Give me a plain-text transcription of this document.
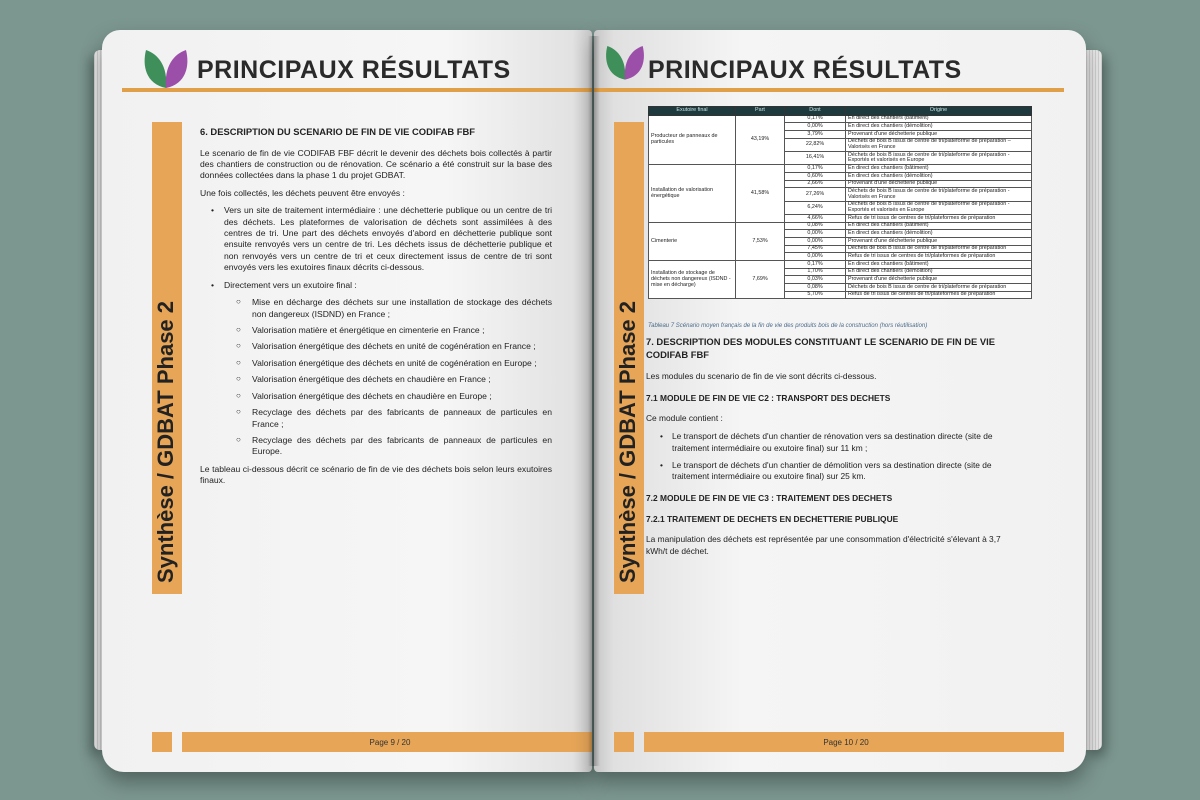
PRINCIPAUX RÉSULTATS
Synthèse / GDBAT Phase 2
6. DESCRIPTION DU SCENARIO DE FIN DE VIE CODIFAB FBF

Le scenario de fin de vie CODIFAB FBF décrit le devenir des déchets bois collectés à partir des chantiers de construction ou de rénovation. Ce scénario a été construit sur la base des données collectées dans la phase 1 du projet GDBAT.

Une fois collectés, les déchets peuvent être envoyés :

• Vers un site de traitement intermédiaire : une déchetterie publique ou un centre de tri des déchets. Les plateformes de valorisation de déchets sont assimilées à des centres de tri. Une part des déchets envoyés d'abord en déchetterie publique sont ensuite renvoyés vers un centre de tri. Les déchets issus de déchetterie publique et non renvoyés vers un centre de tri et ceux directement issus de centre de tri sont envoyés vers les exutoires finaux décrits ci-dessous.
• Directement vers un exutoire final :
○ Mise en décharge des déchets sur une installation de stockage des déchets non dangereux (ISDND) en France ;
○ Valorisation matière et énergétique en cimenterie en France ;
○ Valorisation énergétique des déchets en unité de cogénération en France ;
○ Valorisation énergétique des déchets en unité de cogénération en Europe ;
○ Valorisation énergétique des déchets en chaudière en France ;
○ Valorisation énergétique des déchets en chaudière en Europe ;
○ Recyclage des déchets par des fabricants de panneaux de particules en France ;
○ Recyclage des déchets par des fabricants de panneaux de particules en Europe.

Le tableau ci-dessous décrit ce scénario de fin de vie des déchets bois selon leurs exutoires finaux.

Page 9 / 20
PRINCIPAUX RÉSULTATS
Synthèse / GDBAT Phase 2
Exutoire final	Part	Dont	Origine
Producteur de panneaux de particules	43,19%	0,17%	En direct des chantiers (bâtiment)
		0,00%	En direct des chantiers (démolition)
		3,79%	Provenant d'une déchetterie publique
		22,82%	Déchets de bois B issus de centre de tri/plateforme de préparation – Valorisés en France
		16,41%	Déchets de bois B issus de centre de tri/plateforme de préparation - Exportés et valorisés en Europe
Installation de valorisation énergétique	41,58%	0,17%	En direct des chantiers (bâtiment)
		0,60%	En direct des chantiers (démolition)
		2,66%	Provenant d'une déchetterie publique
		27,26%	Déchets de bois B issus de centre de tri/plateforme de préparation - Valorisés en France
		6,24%	Déchets de bois B issus de centre de tri/plateforme de préparation - Exportés et valorisés en Europe
		4,66%	Refus de tri issus de centres de tri/plateformes de préparation
Cimenterie	7,53%	0,08%	En direct des chantiers (bâtiment)
		0,00%	En direct des chantiers (démolition)
		0,00%	Provenant d'une déchetterie publique
		7,45%	Déchets de bois B issus de centre de tri/plateforme de préparation
		0,00%	Refus de tri issus de centres de tri/plateformes de préparation
Installation de stockage de déchets non dangereux (ISDND - mise en décharge)	7,69%	0,17%	En direct des chantiers (bâtiment)
		1,70%	En direct des chantiers (démolition)
		0,03%	Provenant d'une déchetterie publique
		0,08%	Déchets de bois B issus de centre de tri/plateforme de préparation
		5,70%	Refus de tri issus de centres de tri/plateformes de préparation
Tableau 7 Scénario moyen français de la fin de vie des produits bois de la construction (hors réutilisation)
7. DESCRIPTION DES MODULES CONSTITUANT LE SCENARIO DE FIN DE VIE CODIFAB FBF

Les modules du scenario de fin de vie sont décrits ci-dessous.

7.1 MODULE DE FIN DE VIE C2 : TRANSPORT DES DECHETS

Ce module contient :

• Le transport de déchets d'un chantier de rénovation vers sa destination directe (site de traitement intermédiaire ou exutoire final) sur 11 km ;
• Le transport de déchets d'un chantier de démolition vers sa destination directe (site de traitement intermédiaire ou exutoire final) sur 25 km.
7.2 MODULE DE FIN DE VIE C3 : TRAITEMENT DES DECHETS
7.2.1 TRAITEMENT DE DECHETS EN DECHETTERIE PUBLIQUE

La manipulation des déchets est représentée par une consommation d'électricité s'élevant à 3,7 kWh/t de déchet.

Page 10 / 20
